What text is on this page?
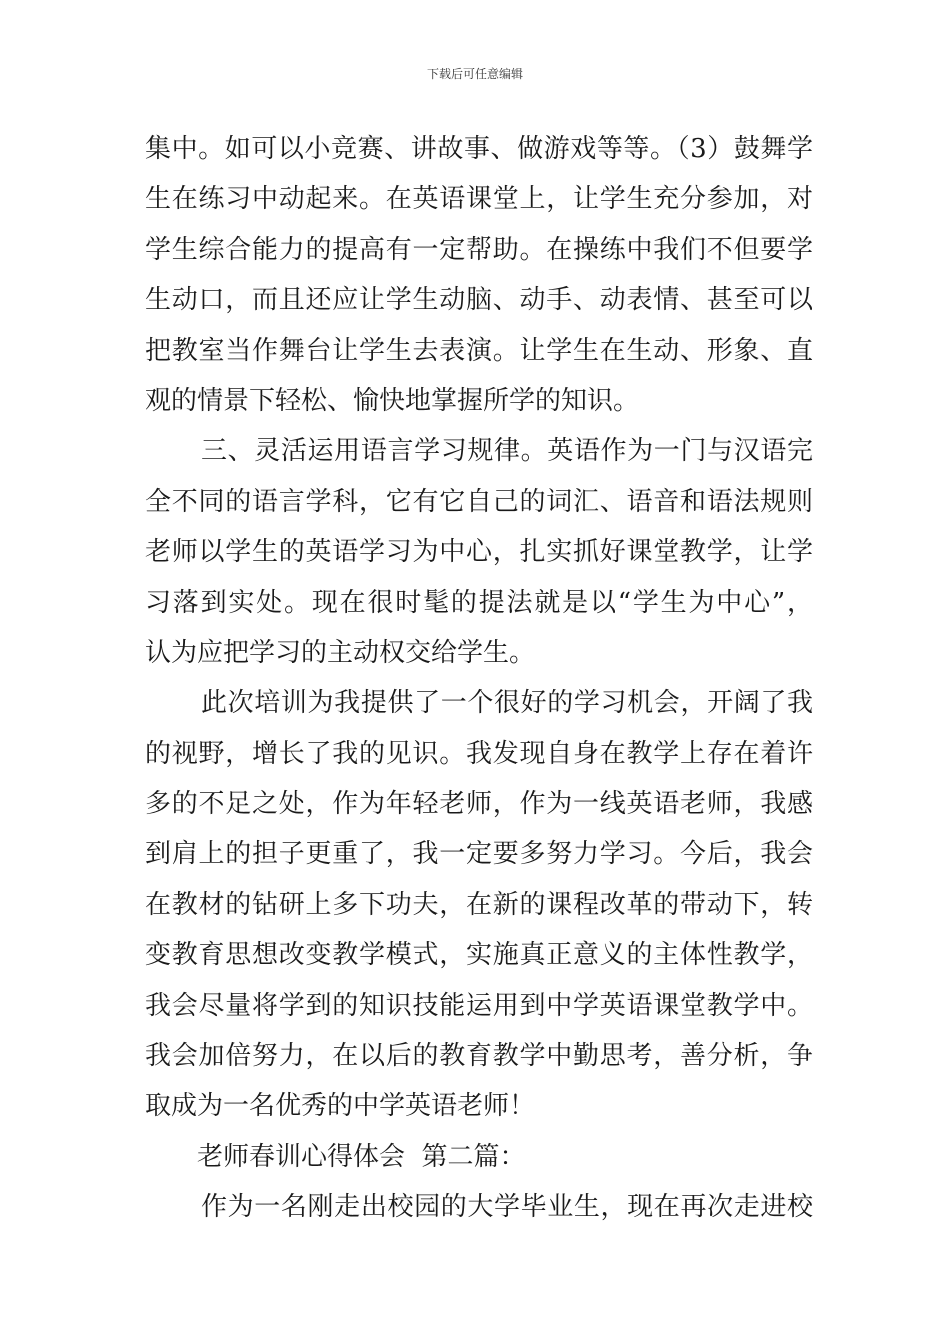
下载后可任意编辑
集中。如可以小竞赛、讲故事、做游戏等等。（3）鼓舞学
生在练习中动起来。在英语课堂上，让学生充分参加，对
学生综合能力的提高有一定帮助。在操练中我们不但要学
生动口，而且还应让学生动脑、动手、动表情、甚至可以
把教室当作舞台让学生去表演。让学生在生动、形象、直
观的情景下轻松、愉快地掌握所学的知识。
三、灵活运用语言学习规律。英语作为一门与汉语完
全不同的语言学科，它有它自己的词汇、语音和语法规则
老师以学生的英语学习为中心，扎实抓好课堂教学，让学
习落到实处。现在很时髦的提法就是以“学生为中心”，
认为应把学习的主动权交给学生。
此次培训为我提供了一个很好的学习机会，开阔了我
的视野，增长了我的见识。我发现自身在教学上存在着许
多的不足之处，作为年轻老师，作为一线英语老师，我感
到肩上的担子更重了，我一定要多努力学习。今后，我会
在教材的钻研上多下功夫，在新的课程改革的带动下，转
变教育思想改变教学模式，实施真正意义的主体性教学，
我会尽量将学到的知识技能运用到中学英语课堂教学中。
我会加倍努力，在以后的教育教学中勤思考，善分析，争
取成为一名优秀的中学英语老师！
老师春训心得体会  第二篇：
作为一名刚走出校园的大学毕业生，现在再次走进校
